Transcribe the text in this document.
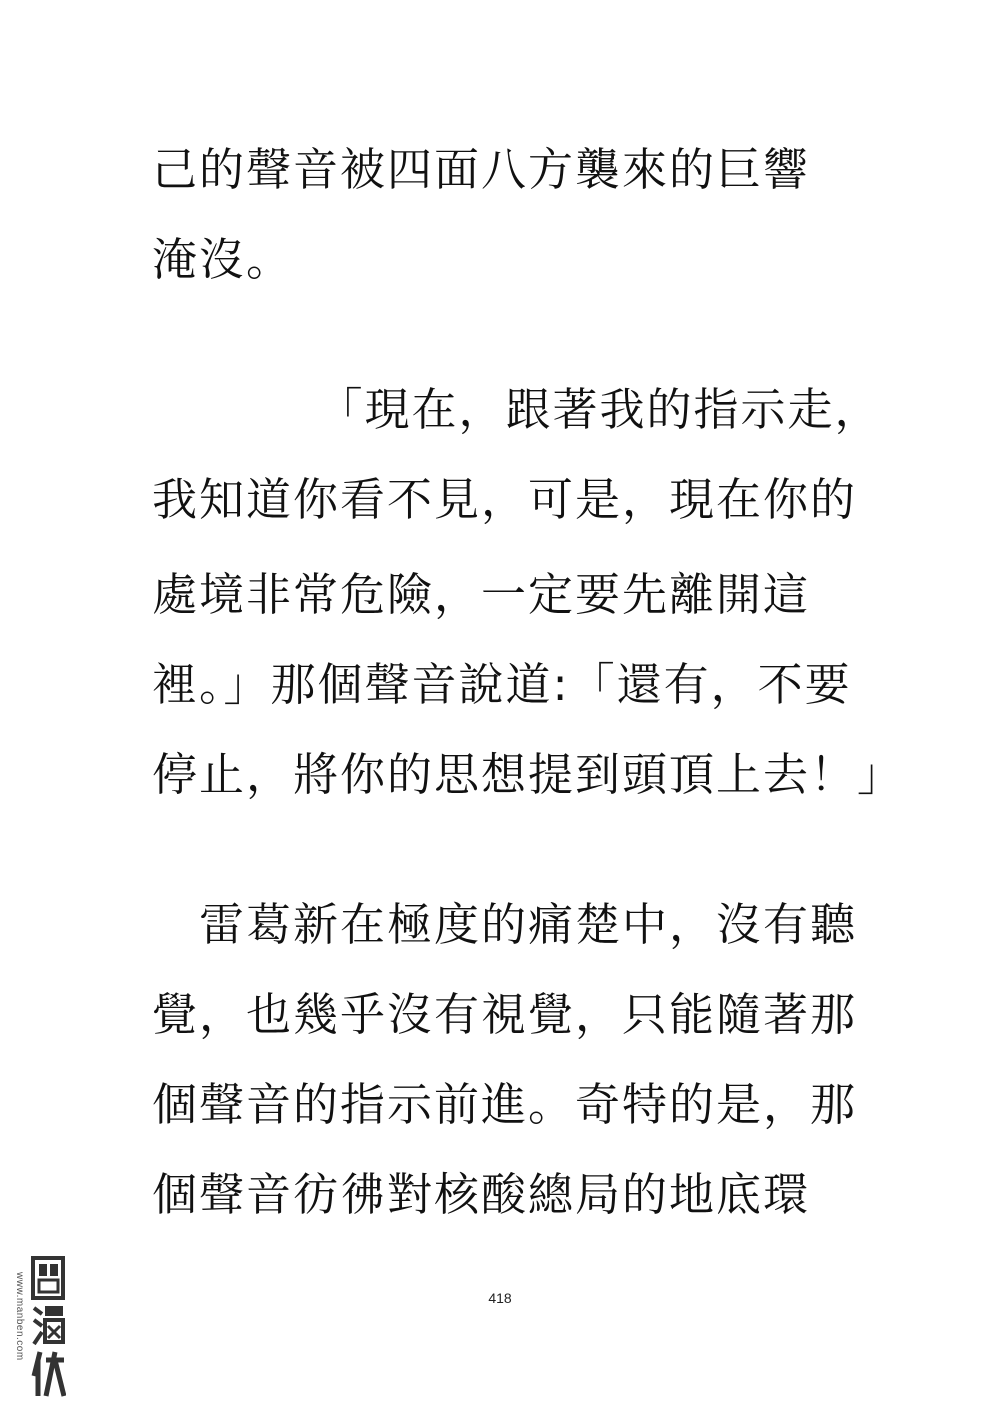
己的聲音被四面八方襲來的巨響
淹沒。
　　　　「現在，跟著我的指示走，
我知道你看不見，可是，現在你的
處境非常危險，一定要先離開這
裡。」那個聲音說道:「還有，不要
停止，將你的思想提到頭頂上去！」
　雷葛新在極度的痛楚中，沒有聽
覺，也幾乎沒有視覺，只能隨著那
個聲音的指示前進。奇特的是，那
個聲音彷彿對核酸總局的地底環
418
www.manben.com
